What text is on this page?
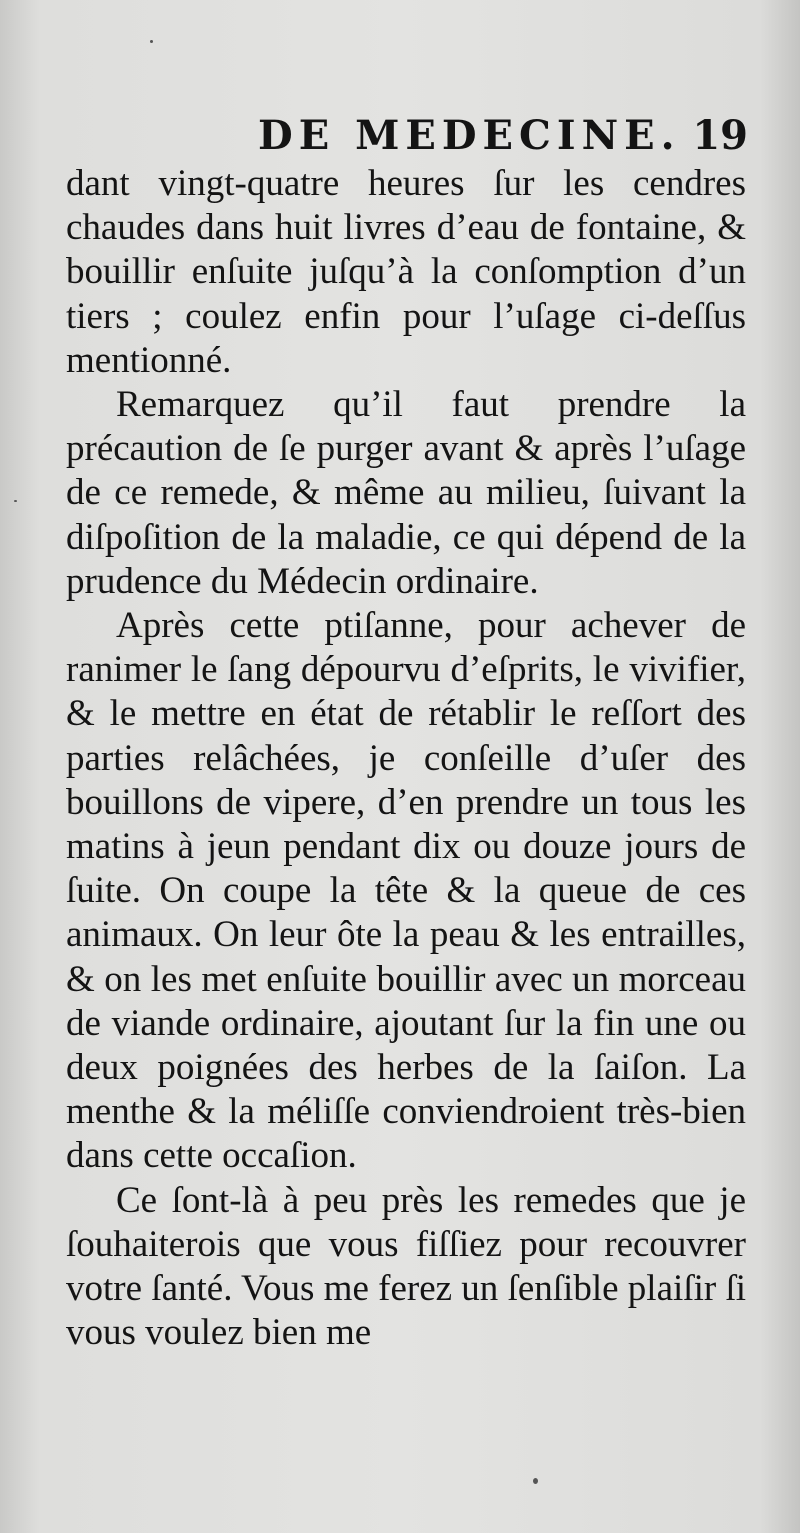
DE MEDECINE. 19

dant vingt-quatre heures ſur les cendres chaudes dans huit livres d’eau de fontaine, & bouillir enſuite juſqu’à la conſomption d’un tiers ; coulez enfin pour l’uſage ci-deſſus mentionné.

Remarquez qu’il faut prendre la précaution de ſe purger avant & après l’uſage de ce remede, & même au milieu, ſuivant la diſpoſition de la maladie, ce qui dépend de la prudence du Médecin ordinaire.

Après cette ptiſanne, pour achever de ranimer le ſang dépourvu d’eſprits, le vivifier, & le mettre en état de rétablir le reſſort des parties relâchées, je conſeille d’uſer des bouillons de vipere, d’en prendre un tous les matins à jeun pendant dix ou douze jours de ſuite. On coupe la tête & la queue de ces animaux. On leur ôte la peau & les entrailles, & on les met enſuite bouillir avec un morceau de viande ordinaire, ajoutant ſur la fin une ou deux poignées des herbes de la ſaiſon. La menthe & la méliſſe conviendroient très-bien dans cette occaſion.

Ce ſont-là à peu près les remedes que je ſouhaiterois que vous fiſſiez pour recouvrer votre ſanté. Vous me ferez un ſenſible plaiſir ſi vous voulez bien me
